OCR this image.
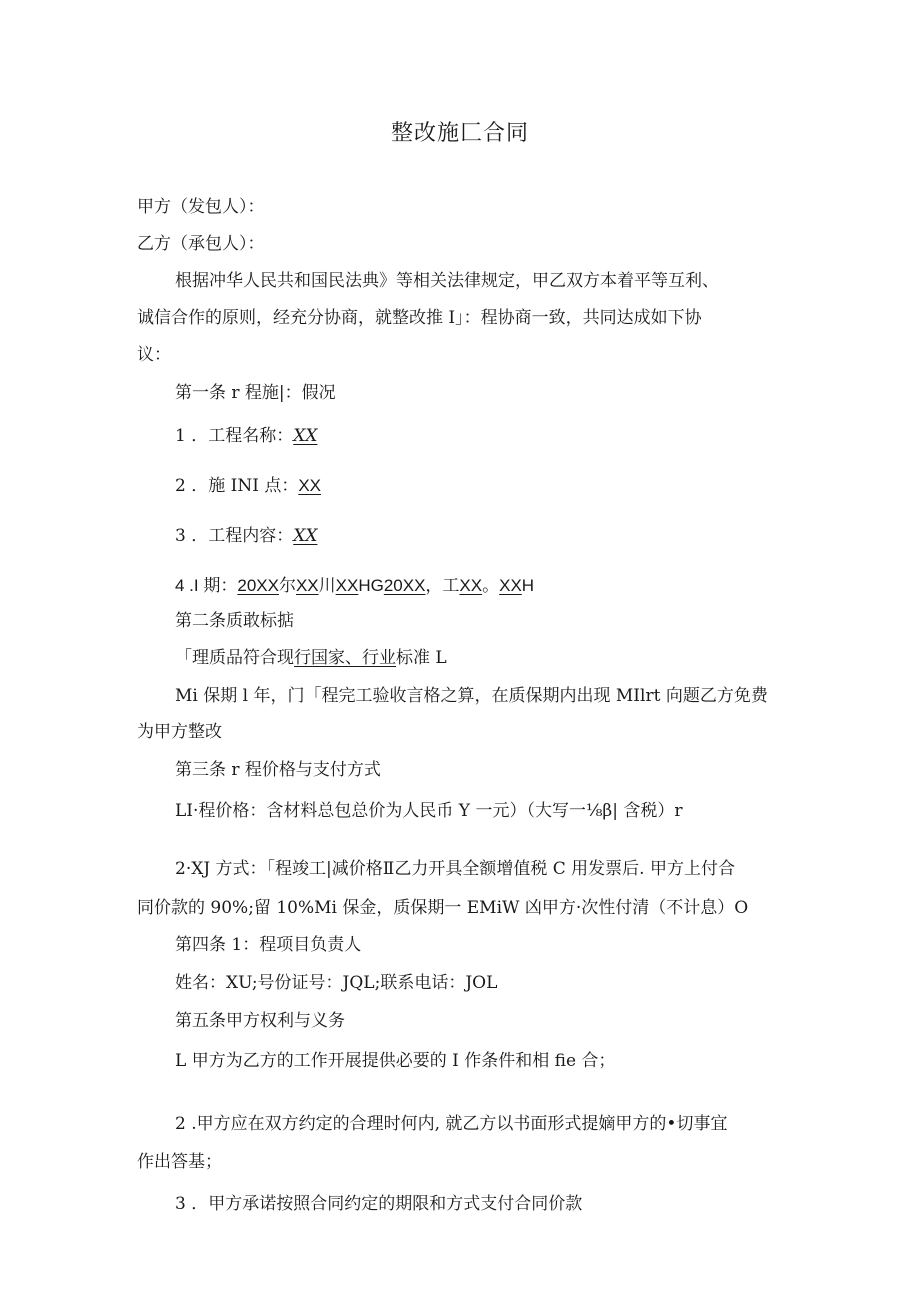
整改施匚合同
甲方（发包人）：
乙方（承包人）：
根据冲华人民共和国民法典》等相关法律规定，甲乙双方本着平等互利、
诚信合作的原则，经充分协商，就整改推 I」：程协商一致，共同达成如下协
议：
第一条 r 程施|：假况
1 ．工程名称：XX
2 ．施 INI 点：XX
3 ．工程内容：XX
4 .I 期：20XX尔XX川XXHG20XX，工XX。XXH
第二条质敢标掂
「理质品符合现行国家、行业标准 L
Mi 保期 l 年，门「程完工验收言格之算，在质保期内出现 MIlrt 向题乙方免费
为甲方整改
第三条 r 程价格与支付方式
LI·程价格：含材料总包总价为人民币 Y 一元）（大写一⅛β| 含税）r
2·XJ 方式：「程竣工|减价格Ⅱ乙力开具全额增值税 C 用发票后. 甲方上付合
同价款的 90%;留 10%Mi 保金，质保期一 EMiW 凶甲方·次性付清（不计息）O
第四条 1：程项目负责人
姓名：XU;号份证号：JQL;联系电话：JOL
第五条甲方权利与义务
L 甲方为乙方的工作开展提供必要的 I 作条件和相 fie 合；
2 .甲方应在双方约定的合理时何内, 就乙方以书面形式提嫡甲方的•切事宜
作出答基；
3 ．甲方承诺按照合同约定的期限和方式支付合同价款
